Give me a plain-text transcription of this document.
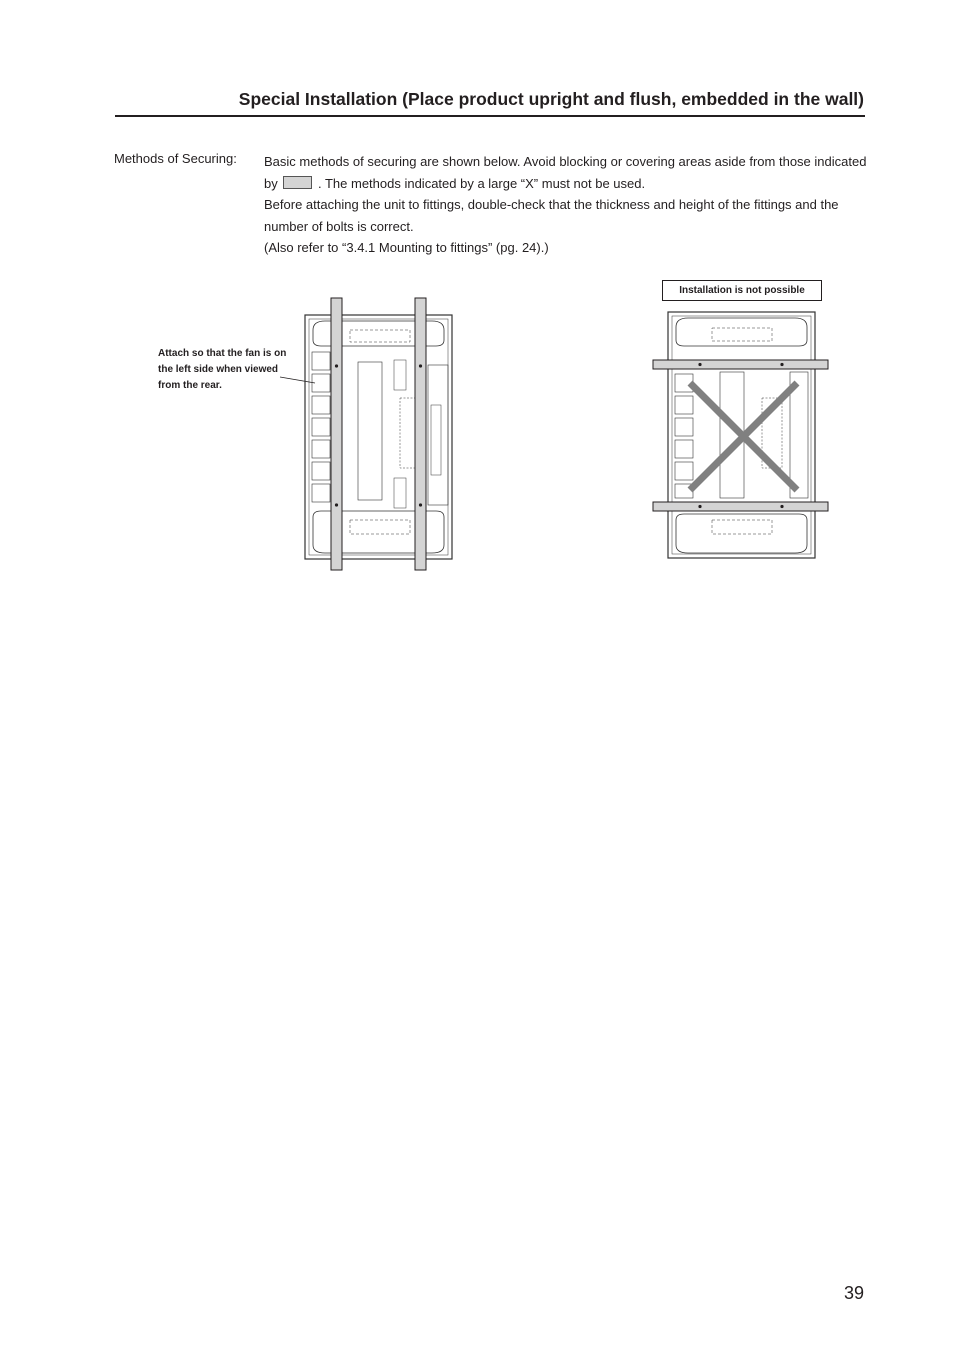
Special Installation (Place product upright and flush, embedded in the wall)
Methods of Securing: Basic methods of securing are shown below. Avoid blocking or covering areas aside from those indicated by	. The methods indicated by a large “X” must not be used.

Before attaching the unit to fittings, double-check that the thickness and height of the fittings and the number of bolts is correct.

(Also refer to “3.4.1 Mounting to fittings” (pg. 24).)

Attach so that the fan is on the left side when viewed from the rear.
Installation is not possible
39
